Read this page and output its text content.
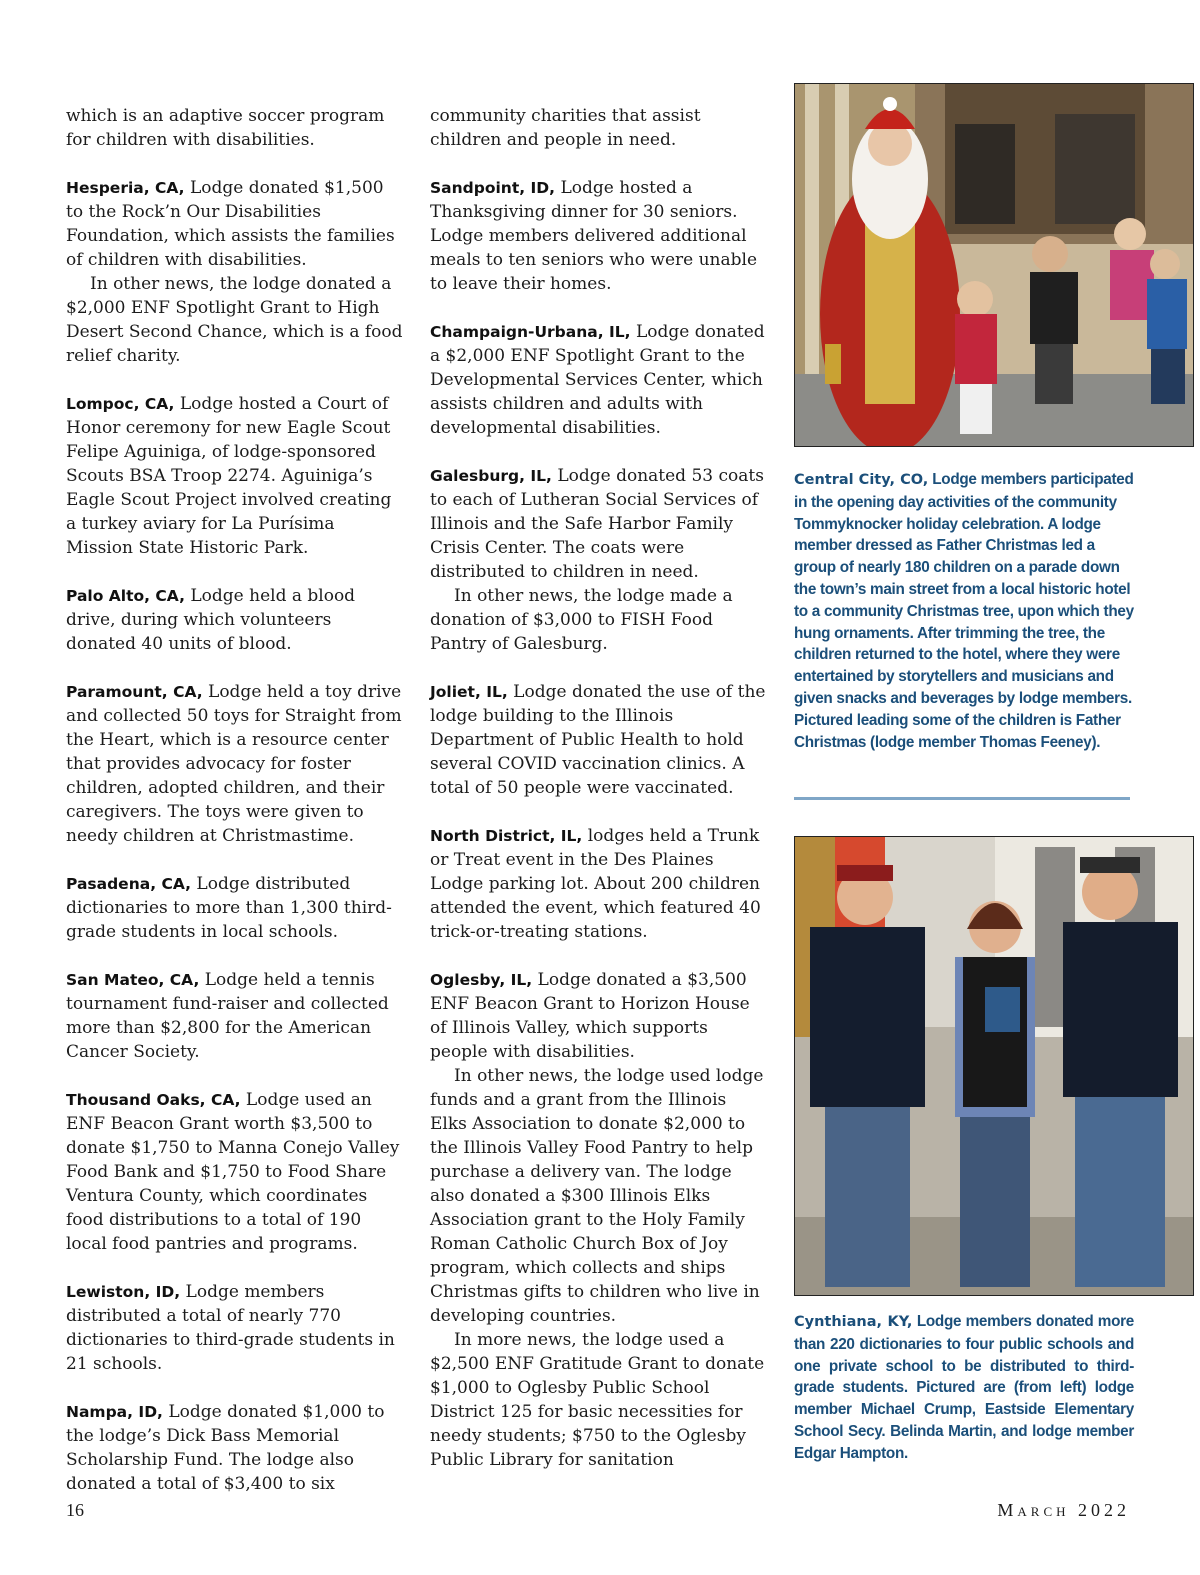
which is an adaptive soccer program for children with disabilities.

Hesperia, CA, Lodge donated $1,500 to the Rock’n Our Disabilities Foundation, which assists the families of children with disabilities.

In other news, the lodge donated a $2,000 ENF Spotlight Grant to High Desert Second Chance, which is a food relief charity.

Lompoc, CA, Lodge hosted a Court of Honor ceremony for new Eagle Scout Felipe Aguiniga, of lodge-sponsored Scouts BSA Troop 2274. Aguiniga’s Eagle Scout Project involved creating a turkey aviary for La Purísima Mission State Historic Park.

Palo Alto, CA, Lodge held a blood drive, during which volunteers donated 40 units of blood.

Paramount, CA, Lodge held a toy drive and collected 50 toys for Straight from the Heart, which is a resource center that provides advocacy for foster children, adopted children, and their caregivers. The toys were given to needy children at Christmastime.

Pasadena, CA, Lodge distributed dictionaries to more than 1,300 third-grade students in local schools.

San Mateo, CA, Lodge held a tennis tournament fund-raiser and collected more than $2,800 for the American Cancer Society.

Thousand Oaks, CA, Lodge used an ENF Beacon Grant worth $3,500 to donate $1,750 to Manna Conejo Valley Food Bank and $1,750 to Food Share Ventura County, which coordinates food distributions to a total of 190 local food pantries and programs.

Lewiston, ID, Lodge members distributed a total of nearly 770 dictionaries to third-grade students in 21 schools.

Nampa, ID, Lodge donated $1,000 to the lodge’s Dick Bass Memorial Scholarship Fund. The lodge also donated a total of $3,400 to six

community charities that assist children and people in need.

Sandpoint, ID, Lodge hosted a Thanksgiving dinner for 30 seniors. Lodge members delivered additional meals to ten seniors who were unable to leave their homes.

Champaign-Urbana, IL, Lodge donated a $2,000 ENF Spotlight Grant to the Developmental Services Center, which assists children and adults with developmental disabilities.

Galesburg, IL, Lodge donated 53 coats to each of Lutheran Social Services of Illinois and the Safe Harbor Family Crisis Center. The coats were distributed to children in need.

In other news, the lodge made a donation of $3,000 to FISH Food Pantry of Galesburg.

Joliet, IL, Lodge donated the use of the lodge building to the Illinois Department of Public Health to hold several COVID vaccination clinics. A total of 50 people were vaccinated.

North District, IL, lodges held a Trunk or Treat event in the Des Plaines Lodge parking lot. About 200 children attended the event, which featured 40 trick-or-treating stations.

Oglesby, IL, Lodge donated a $3,500 ENF Beacon Grant to Horizon House of Illinois Valley, which supports people with disabilities.

In other news, the lodge used lodge funds and a grant from the Illinois Elks Association to donate $2,000 to the Illinois Valley Food Pantry to help purchase a delivery van. The lodge also donated a $300 Illinois Elks Association grant to the Holy Family Roman Catholic Church Box of Joy program, which collects and ships Christmas gifts to children who live in developing countries.

In more news, the lodge used a $2,500 ENF Gratitude Grant to donate $1,000 to Oglesby Public School District 125 for basic necessities for needy students; $750 to the Oglesby Public Library for sanitation

Central City, CO, Lodge members participated in the opening day activities of the community Tommyknocker holiday celebration. A lodge member dressed as Father Christmas led a group of nearly 180 children on a parade down the town’s main street from a local historic hotel to a community Christmas tree, upon which they hung ornaments. After trimming the tree, the children returned to the hotel, where they were entertained by storytellers and musicians and given snacks and beverages by lodge members. Pictured leading some of the children is Father Christmas (lodge member Thomas Feeney).

Cynthiana, KY, Lodge members donated more than 220 dictionaries to four public schools and one private school to be distributed to third-grade students. Pictured are (from left) lodge member Michael Crump, Eastside Elementary School Secy. Belinda Martin, and lodge member Edgar Hampton.

16	March 2022
